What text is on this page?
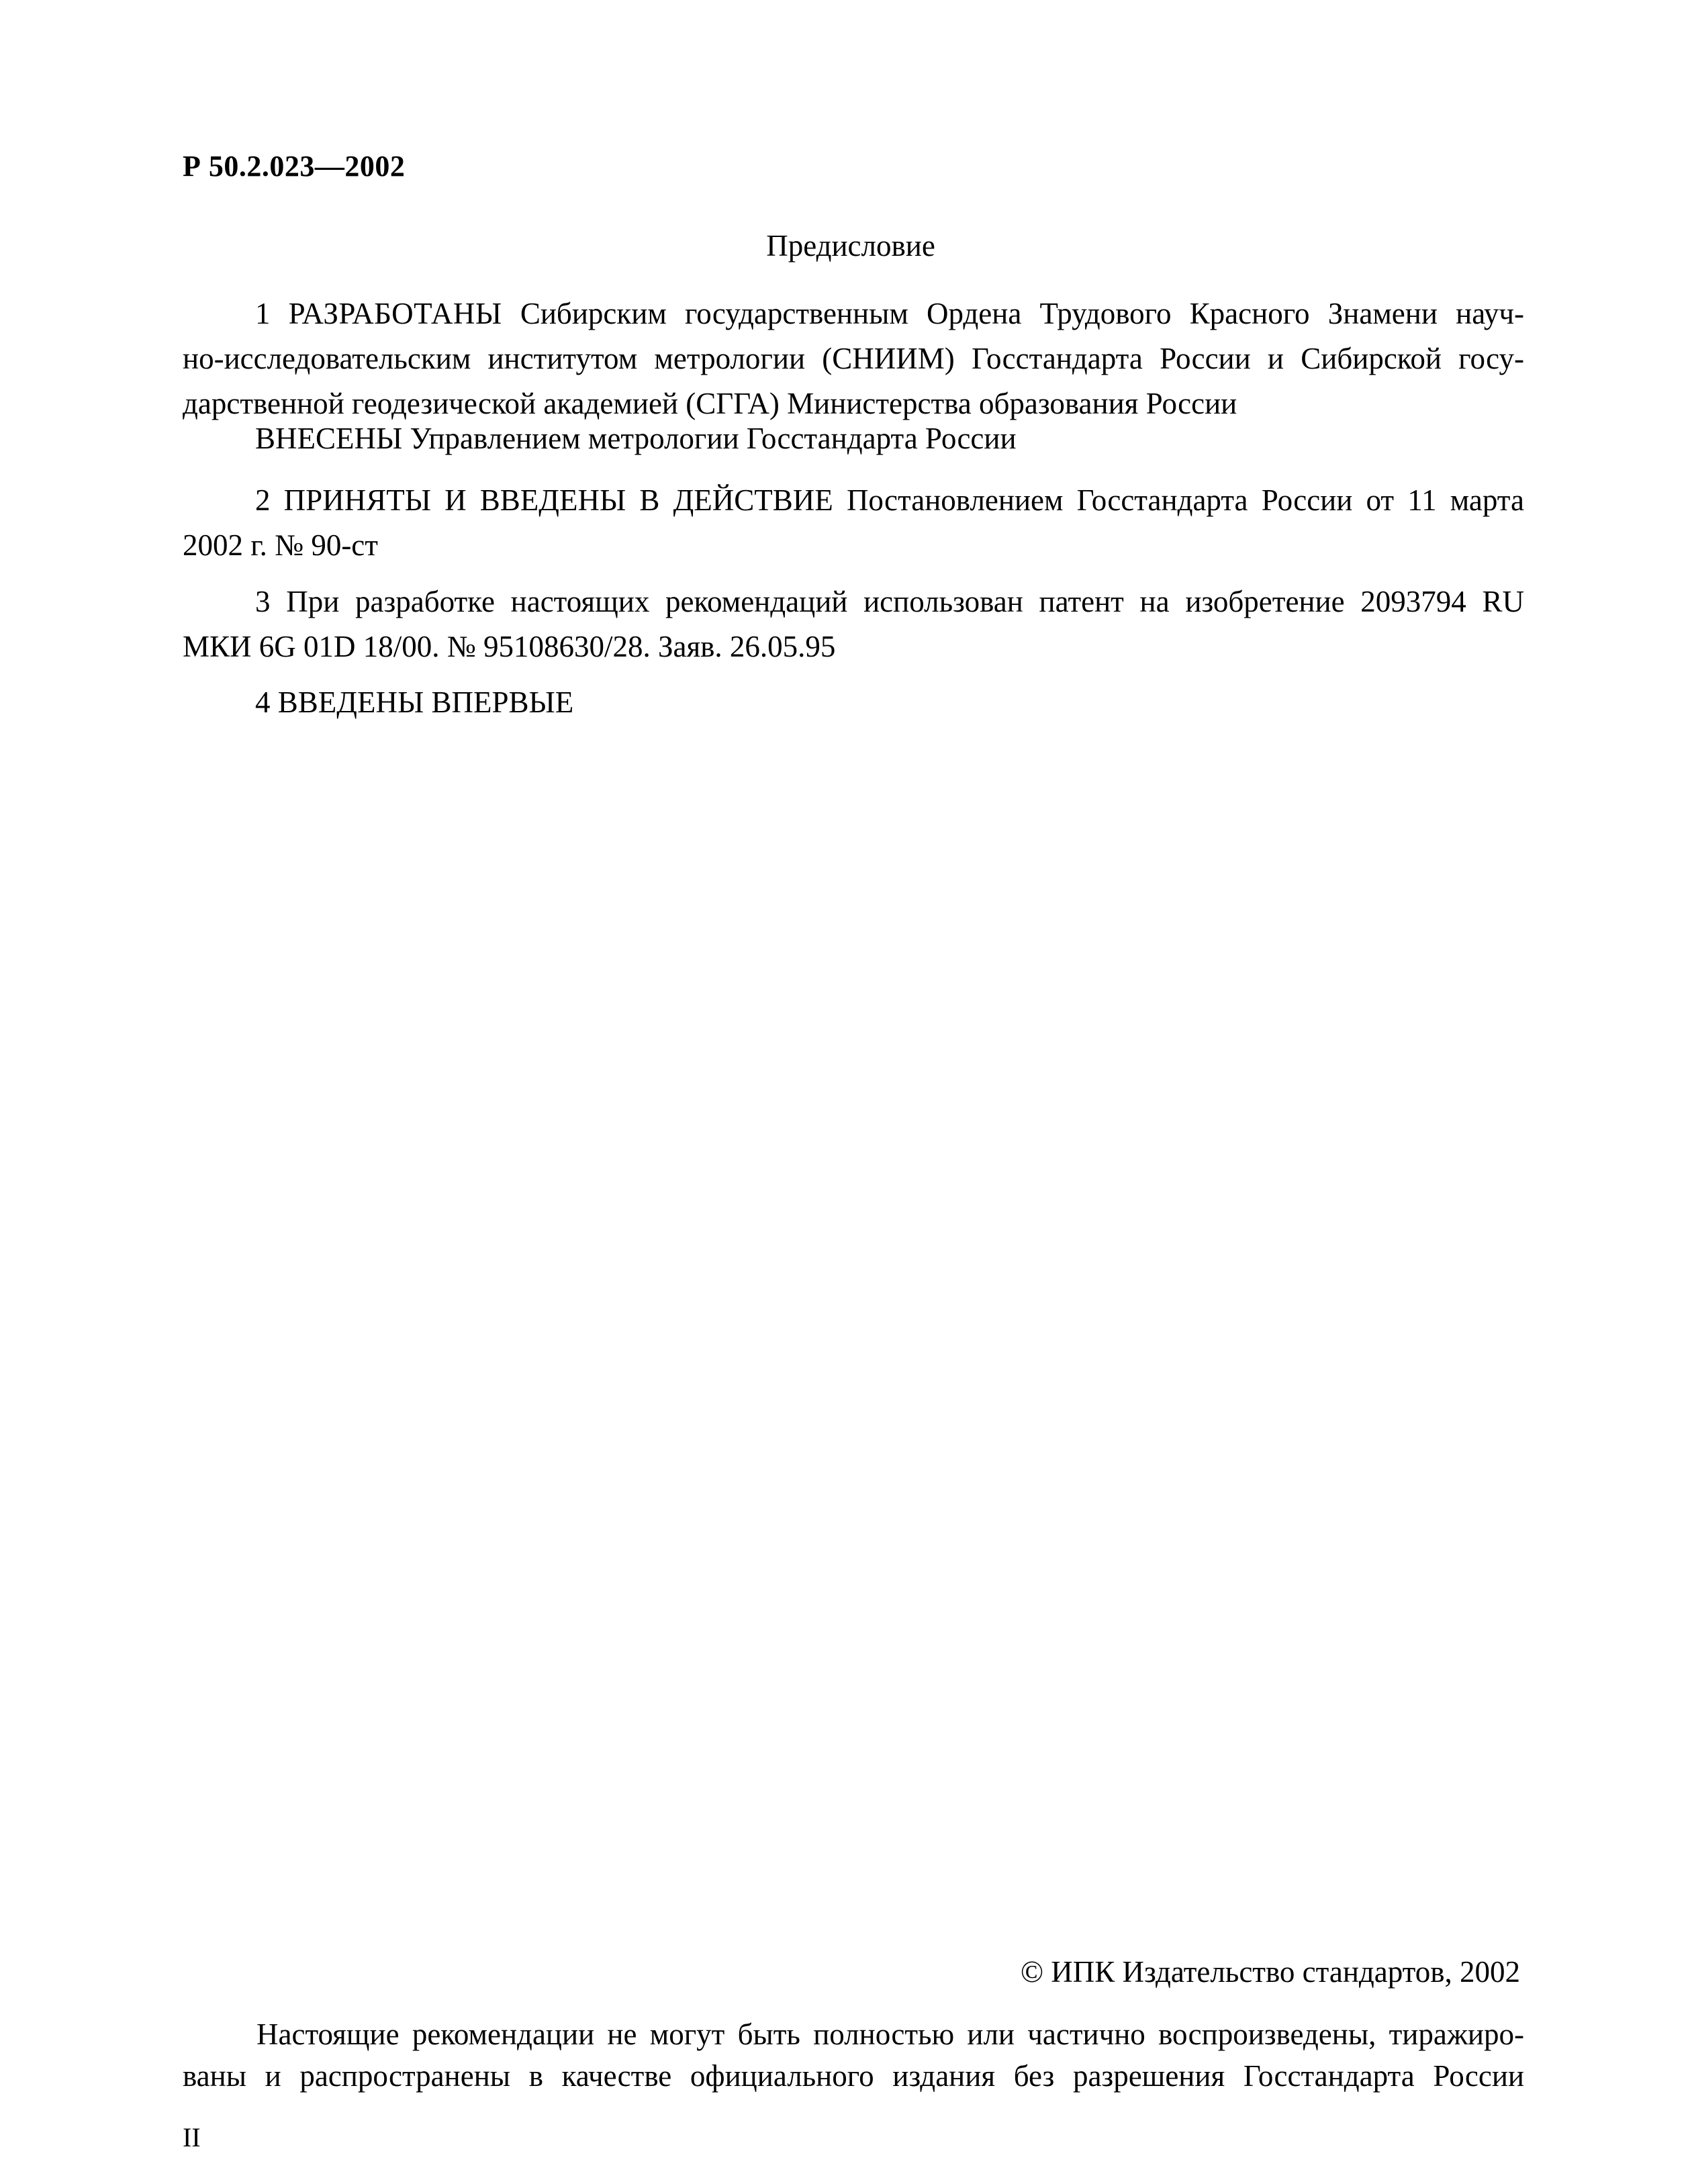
Р 50.2.023—2002
Предисловие
1 РАЗРАБОТАНЫ Сибирским государственным Ордена Трудового Красного Знамени науч-
но-исследовательским институтом метрологии (СНИИМ) Госстандарта России и Сибирской госу-
дарственной геодезической академией (СГГА) Министерства образования России
ВНЕСЕНЫ Управлением метрологии Госстандарта России
2 ПРИНЯТЫ И ВВЕДЕНЫ В ДЕЙСТВИЕ Постановлением Госстандарта России от 11 марта
2002 г. № 90-ст
3 При разработке настоящих рекомендаций использован патент на изобретение 2093794 RU
МКИ 6G 01D 18/00. № 95108630/28. Заяв. 26.05.95
4 ВВЕДЕНЫ ВПЕРВЫЕ
© ИПК Издательство стандартов, 2002
Настоящие рекомендации не могут быть полностью или частично воспроизведены, тиражиро-
ваны и распространены в качестве официального издания без разрешения Госстандарта России
II
